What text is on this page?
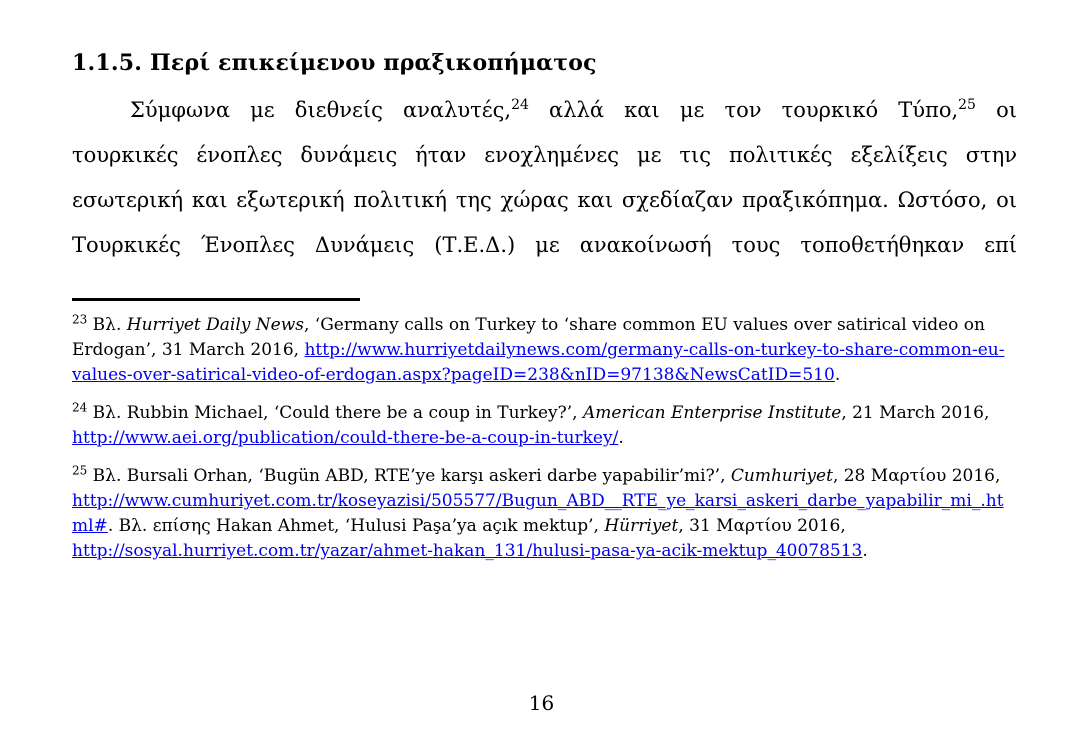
1.1.5. Περί επικείμενου πραξικοπήματος

Σύμφωνα με διεθνείς αναλυτές,$^{24}$ αλλά και με τον τουρκικό Τύπο,$^{25}$ οι τουρκικές ένοπλες δυνάμεις ήταν ενοχλημένες με τις πολιτικές εξελίξεις στην εσωτερική και εξωτερική πολιτική της χώρας και σχεδίαζαν πραξικόπημα. Ωστόσο, οι Τουρκικές Ένοπλες Δυνάμεις (Τ.Ε.Δ.) με ανακοίνωσή τους τοποθετήθηκαν επί

$^{23}$ Βλ. Hurriyet Daily News, ‘Germany calls on Turkey to ‘share common EU values over satirical video on Erdogan’, 31 March 2016, http://www.hurriyetdailynews.com/germany-calls-on-turkey-to-share-common-eu-values-over-satirical-video-of-erdogan.aspx?pageID=238&nID=97138&NewsCatID=510.
$^{24}$ Βλ. Rubbin Michael, ‘Could there be a coup in Turkey?’, American Enterprise Institute, 21 March 2016, http://www.aei.org/publication/could-there-be-a-coup-in-turkey/.
$^{25}$ Βλ. Bursali Orhan, ‘Bugün ABD, RTE’ye karşı askeri darbe yapabilir’mi?’, Cumhuriyet, 28 Μαρτίου 2016, http://www.cumhuriyet.com.tr/koseyazisi/505577/Bugun_ABD__RTE_ye_karsi_askeri_darbe_yapabilir_mi_.html#. Βλ. επίσης Hakan Ahmet, ‘Hulusi Paşa’ya açık mektup’, Hürriyet, 31 Μαρτίου 2016, http://sosyal.hurriyet.com.tr/yazar/ahmet-hakan_131/hulusi-pasa-ya-acik-mektup_40078513.
16
